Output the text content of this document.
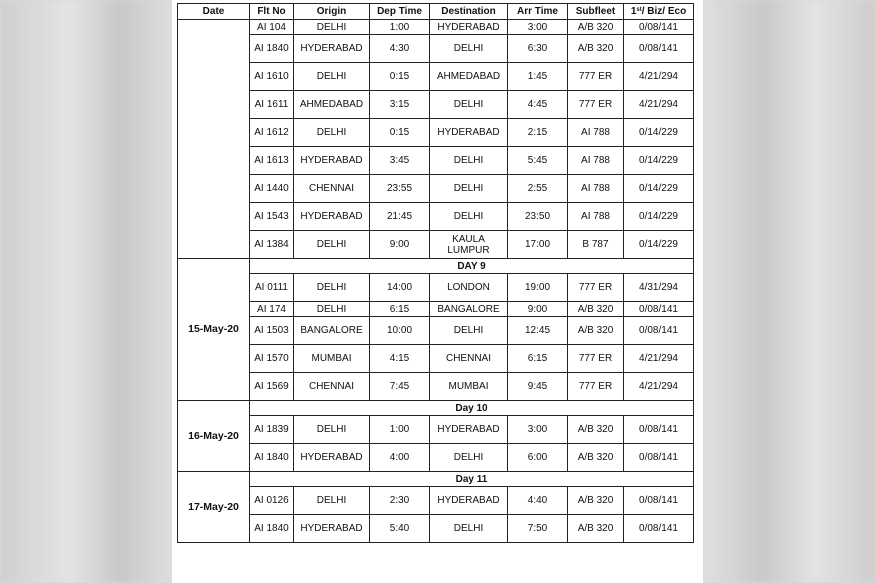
Date	Flt No	Origin	Dep Time	Destination	Arr Time	Subfleet	1st/ Biz/ Eco
	AI 104	DELHI	1:00	HYDERABAD	3:00	A/B 320	0/08/141
	AI 1840	HYDERABAD	4:30	DELHI	6:30	A/B 320	0/08/141
	AI 1610	DELHI	0:15	AHMEDABAD	1:45	777 ER	4/21/294
	AI 1611	AHMEDABAD	3:15	DELHI	4:45	777 ER	4/21/294
	AI 1612	DELHI	0:15	HYDERABAD	2:15	AI 788	0/14/229
	AI 1613	HYDERABAD	3:45	DELHI	5:45	AI 788	0/14/229
	AI 1440	CHENNAI	23:55	DELHI	2:55	AI 788	0/14/229
	AI 1543	HYDERABAD	21:45	DELHI	23:50	AI 788	0/14/229
	AI 1384	DELHI	9:00	KAULA LUMPUR	17:00	B 787	0/14/229
15-May-20	DAY 9						
	AI 0111	DELHI	14:00	LONDON	19:00	777 ER	4/31/294
	AI 174	DELHI	6:15	BANGALORE	9:00	A/B 320	0/08/141
	AI 1503	BANGALORE	10:00	DELHI	12:45	A/B 320	0/08/141
	AI 1570	MUMBAI	4:15	CHENNAI	6:15	777 ER	4/21/294
	AI 1569	CHENNAI	7:45	MUMBAI	9:45	777 ER	4/21/294
16-May-20	Day 10						
	AI 1839	DELHI	1:00	HYDERABAD	3:00	A/B 320	0/08/141
	AI 1840	HYDERABAD	4:00	DELHI	6:00	A/B 320	0/08/141
17-May-20	Day 11						
	AI 0126	DELHI	2:30	HYDERABAD	4:40	A/B 320	0/08/141
	AI 1840	HYDERABAD	5:40	DELHI	7:50	A/B 320	0/08/141
